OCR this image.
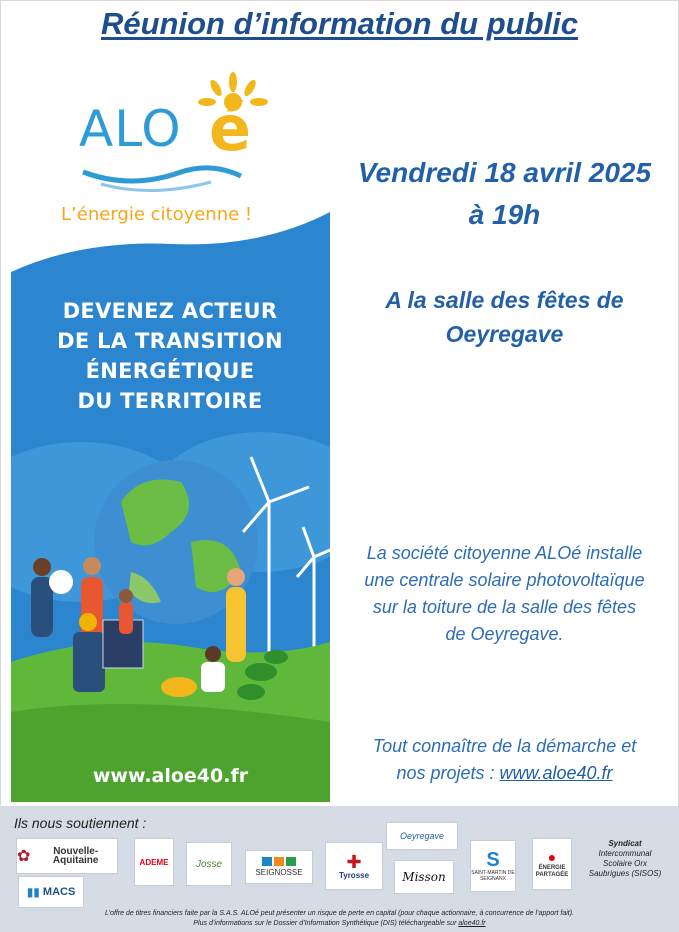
Réunion d’information du public
ALO é
L’énergie citoyenne !
DEVENEZ ACTEUR
DE LA TRANSITION
ÉNERGÉTIQUE
DU TERRITOIRE
www.aloe40.fr
Vendredi 18 avril 2025
à 19h
A la salle des fêtes de
Oeyregave
La société citoyenne ALOé installe
une centrale solaire photovoltaïque
sur la toiture de la salle des fêtes
de Oeyregave.
Tout connaître de la démarche et
nos projets : www.aloe40.fr
Ils nous soutiennent :
✿	Nouvelle-Aquitaine	ADEME	Josse
SEIGNOSSE
✚
Tyrosse
Oeyregave
Misson
S
SAINT-MARTIN DE SEIGNANX
●
ÉNERGIE PARTAGÉE
▮▮ MACS
Syndicat
Intercommunal
Scolaire Orx
Saubrigues (SISOS)
L’offre de titres financiers faite par la S.A.S. ALOé peut présenter un risque de perte en capital (pour chaque actionnaire, à concurrence de l’apport fait).
Plus d’informations sur le Dossier d’Information Synthétique (DIS) téléchargeable sur aloe40.fr
